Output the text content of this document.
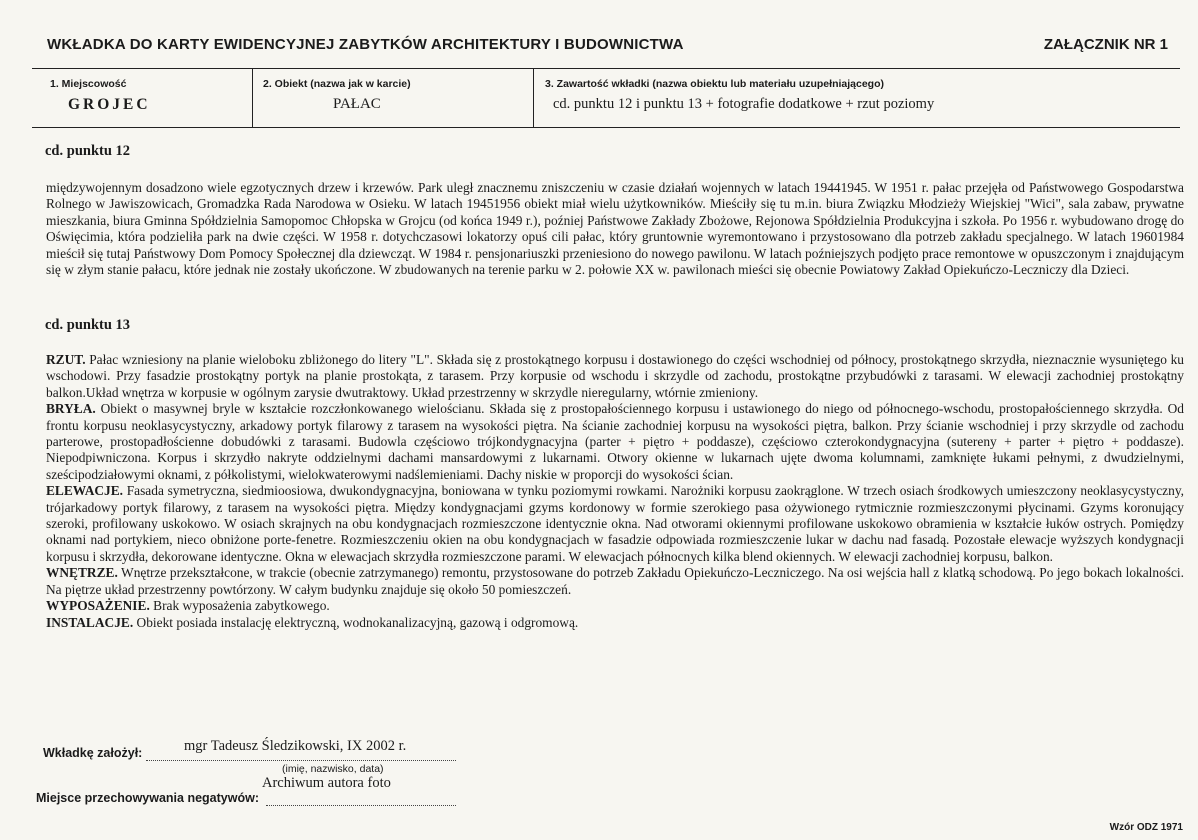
WKŁADKA DO KARTY EWIDENCYJNEJ ZABYTKÓW ARCHITEKTURY I BUDOWNICTWA	ZAŁĄCZNIK NR 1
1. Miejscowość
GROJEC
2. Obiekt (nazwa jak w karcie)
PAŁAC
3. Zawartość wkładki (nazwa obiektu lub materiału uzupełniającego)
cd. punktu 12 i punktu 13 + fotografie dodatkowe + rzut poziomy
cd. punktu 12

międzywojennym dosadzono wiele egzotycznych drzew i krzewów. Park uległ znacznemu zniszczeniu w czasie działań wojennych w latach 19441945. W 1951 r. pałac przejęła od Państwowego Gospodarstwa Rolnego w Jawiszowicach, Gromadzka Rada Narodowa w Osieku. W latach 19451956 obiekt miał wielu użytkowników. Mieściły się tu m.in. biura Związku Młodzieży Wiejskiej "Wici", sala zabaw, prywatne mieszkania, biura Gminna Spółdzielnia Samopomoc Chłopska w Grojcu (od końca 1949 r.), poźniej Państwowe Zakłady Zbożowe, Rejonowa Spółdzielnia Produkcyjna i szkoła. Po 1956 r. wybudowano drogę do Oświęcimia, która podzieliła park na dwie części. W 1958 r. dotychczasowi lokatorzy opuś cili pałac, który gruntownie wyremontowano i przystosowano dla potrzeb zakładu specjalnego. W latach 19601984 mieścił się tutaj Państwowy Dom Pomocy Społecznej dla dziewcząt. W 1984 r. pensjonariuszki przeniesiono do nowego pawilonu. W latach poźniejszych podjęto prace remontowe w opuszczonym i znajdującym się w złym stanie pałacu, które jednak nie zostały ukończone. W zbudowanych na terenie parku w 2. połowie XX w. pawilonach mieści się obecnie Powiatowy Zakład Opiekuńczo-Leczniczy dla Dzieci.

cd. punktu 13

RZUT. Pałac wzniesiony na planie wieloboku zbliżonego do litery "L". Składa się z prostokątnego korpusu i dostawionego do części wschodniej od północy, prostokątnego skrzydła, nieznacznie wysuniętego ku wschodowi. Przy fasadzie prostokątny portyk na planie prostokąta, z tarasem. Przy korpusie od wschodu i skrzydle od zachodu, prostokątne przybudówki z tarasami. W elewacji zachodniej prostokątny balkon.Układ wnętrza w korpusie w ogólnym zarysie dwutraktowy. Układ przestrzenny w skrzydle nieregularny, wtórnie zmieniony.

BRYŁA. Obiekt o masywnej bryle w kształcie rozczłonkowanego wielościanu. Składa się z prostopałościennego korpusu i ustawionego do niego od północnego-wschodu, prostopałościennego skrzydła. Od frontu korpusu neoklasycystyczny, arkadowy portyk filarowy z tarasem na wysokości piętra. Na ścianie zachodniej korpusu na wysokości piętra, balkon. Przy ścianie wschodniej i przy skrzydle od zachodu parterowe, prostopadłościenne dobudówki z tarasami. Budowla częściowo trójkondygnacyjna (parter + piętro + poddasze), częściowo czterokondygnacyjna (sutereny + parter + piętro + poddasze). Niepodpiwniczona. Korpus i skrzydło nakryte oddzielnymi dachami mansardowymi z lukarnami. Otwory okienne w lukarnach ujęte dwoma kolumnami, zamknięte łukami pełnymi, z dwudzielnymi, sześcipodziałowymi oknami, z półkolistymi, wielokwaterowymi nadślemieniami. Dachy niskie w proporcji do wysokości ścian.

ELEWACJE. Fasada symetryczna, siedmioosiowa, dwukondygnacyjna, boniowana w tynku poziomymi rowkami. Narożniki korpusu zaokrąglone. W trzech osiach środkowych umieszczony neoklasycystyczny, trójarkadowy portyk filarowy, z tarasem na wysokości piętra. Między kondygnacjami gzyms kordonowy w formie szerokiego pasa ożywionego rytmicznie rozmieszczonymi płycinami. Gzyms koronujący szeroki, profilowany uskokowo. W osiach skrajnych na obu kondygnacjach rozmieszczone identycznie okna. Nad otworami okiennymi profilowane uskokowo obramienia w kształcie łuków ostrych. Pomiędzy oknami nad portykiem, nieco obniżone porte-fenetre. Rozmieszczeniu okien na obu kondygnacjach w fasadzie odpowiada rozmieszczenie lukar w dachu nad fasadą. Pozostałe elewacje wyższych kondygnacji korpusu i skrzydła, dekorowane identyczne. Okna w elewacjach skrzydła rozmieszczone parami. W elewacjach północnych kilka blend okiennych. W elewacji zachodniej korpusu, balkon.

WNĘTRZE. Wnętrze przekształcone, w trakcie (obecnie zatrzymanego) remontu, przystosowane do potrzeb Zakładu Opiekuńczo-Leczniczego. Na osi wejścia hall z klatką schodową. Po jego bokach lokalności. Na piętrze układ przestrzenny powtórzony. W całym budynku znajduje się około 50 pomieszczeń.

WYPOSAŻENIE. Brak wyposażenia zabytkowego.

INSTALACJE. Obiekt posiada instalację elektryczną, wodnokanalizacyjną, gazową i odgromową.

Wkładkę założył:	mgr Tadeusz Śledzikowski, IX 2002 r.
(imię, nazwisko, data)
Archiwum autora foto
Miejsce przechowywania negatywów:
Wzór ODZ 1971
